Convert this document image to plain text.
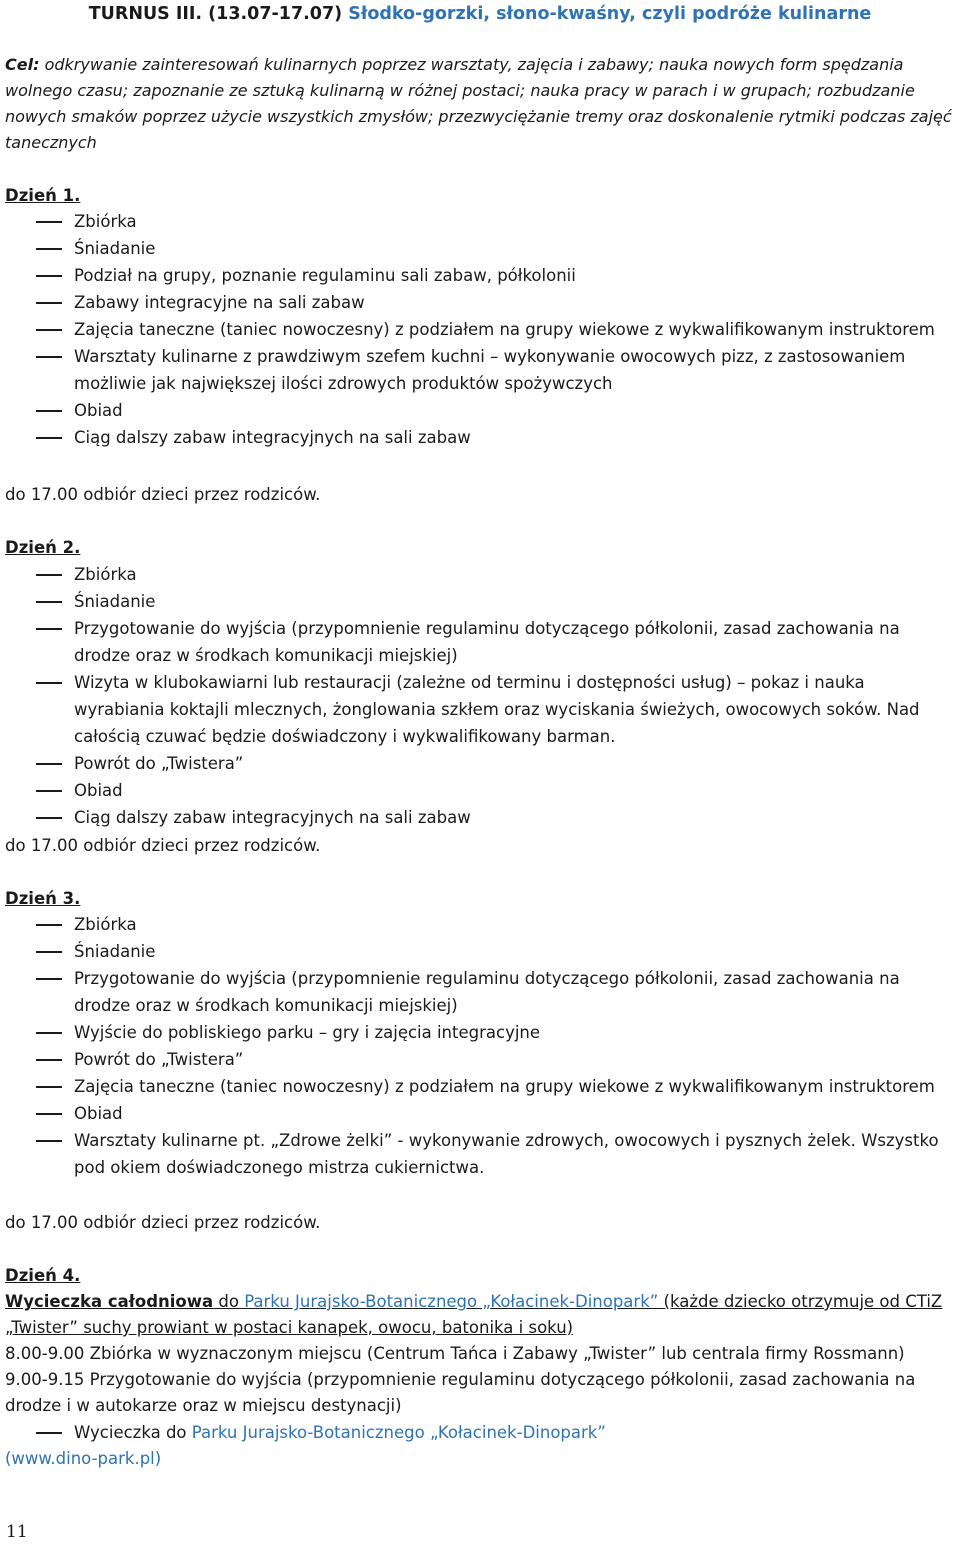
TURNUS III. (13.07-17.07) Słodko-gorzki, słono-kwaśny, czyli podróże kulinarne
Cel: odkrywanie zainteresowań kulinarnych poprzez warsztaty, zajęcia i zabawy; nauka nowych form spędzania wolnego czasu; zapoznanie ze sztuką kulinarną w różnej postaci; nauka pracy w parach i w grupach; rozbudzanie nowych smaków poprzez użycie wszystkich zmysłów; przezwyciężanie tremy oraz doskonalenie rytmiki podczas zajęć tanecznych
Dzień 1.
Zbiórka
Śniadanie
Podział na grupy, poznanie regulaminu sali zabaw, półkolonii
Zabawy integracyjne na sali zabaw
Zajęcia taneczne (taniec nowoczesny) z podziałem na grupy wiekowe z wykwalifikowanym instruktorem
Warsztaty kulinarne z prawdziwym szefem kuchni – wykonywanie owocowych pizz, z zastosowaniem możliwie jak największej ilości zdrowych produktów spożywczych
Obiad
Ciąg dalszy zabaw integracyjnych na sali zabaw
do 17.00 odbiór dzieci przez rodziców.
Dzień 2.
Zbiórka
Śniadanie
Przygotowanie do wyjścia (przypomnienie regulaminu dotyczącego półkolonii, zasad zachowania na drodze oraz w środkach komunikacji miejskiej)
Wizyta w klubokawiarni lub restauracji (zależne od terminu i dostępności usług) – pokaz i nauka wyrabiania koktajli mlecznych, żonglowania szkłem oraz wyciskania świeżych, owocowych soków. Nad całością czuwać będzie doświadczony i wykwalifikowany barman.
Powrót do „Twistera”
Obiad
Ciąg dalszy zabaw integracyjnych na sali zabaw
do 17.00 odbiór dzieci przez rodziców.
Dzień 3.
Zbiórka
Śniadanie
Przygotowanie do wyjścia (przypomnienie regulaminu dotyczącego półkolonii, zasad zachowania na drodze oraz w środkach komunikacji miejskiej)
Wyjście do pobliskiego parku – gry i zajęcia integracyjne
Powrót do „Twistera”
Zajęcia taneczne (taniec nowoczesny) z podziałem na grupy wiekowe z wykwalifikowanym instruktorem
Obiad
Warsztaty kulinarne pt. „Zdrowe żelki” - wykonywanie zdrowych, owocowych i pysznych żelek. Wszystko pod okiem doświadczonego mistrza cukiernictwa.
do 17.00 odbiór dzieci przez rodziców.
Dzień 4.
Wycieczka całodniowa do Parku Jurajsko-Botanicznego „Kołacinek-Dinopark” (każde dziecko otrzymuje od CTiZ „Twister” suchy prowiant w postaci kanapek, owocu, batonika i soku)
8.00-9.00 Zbiórka w wyznaczonym miejscu (Centrum Tańca i Zabawy „Twister” lub centrala firmy Rossmann)
9.00-9.15 Przygotowanie do wyjścia (przypomnienie regulaminu dotyczącego półkolonii, zasad zachowania na drodze i w autokarze oraz w miejscu destynacji)
Wycieczka do Parku Jurajsko-Botanicznego „Kołacinek-Dinopark”
(www.dino-park.pl)
11
